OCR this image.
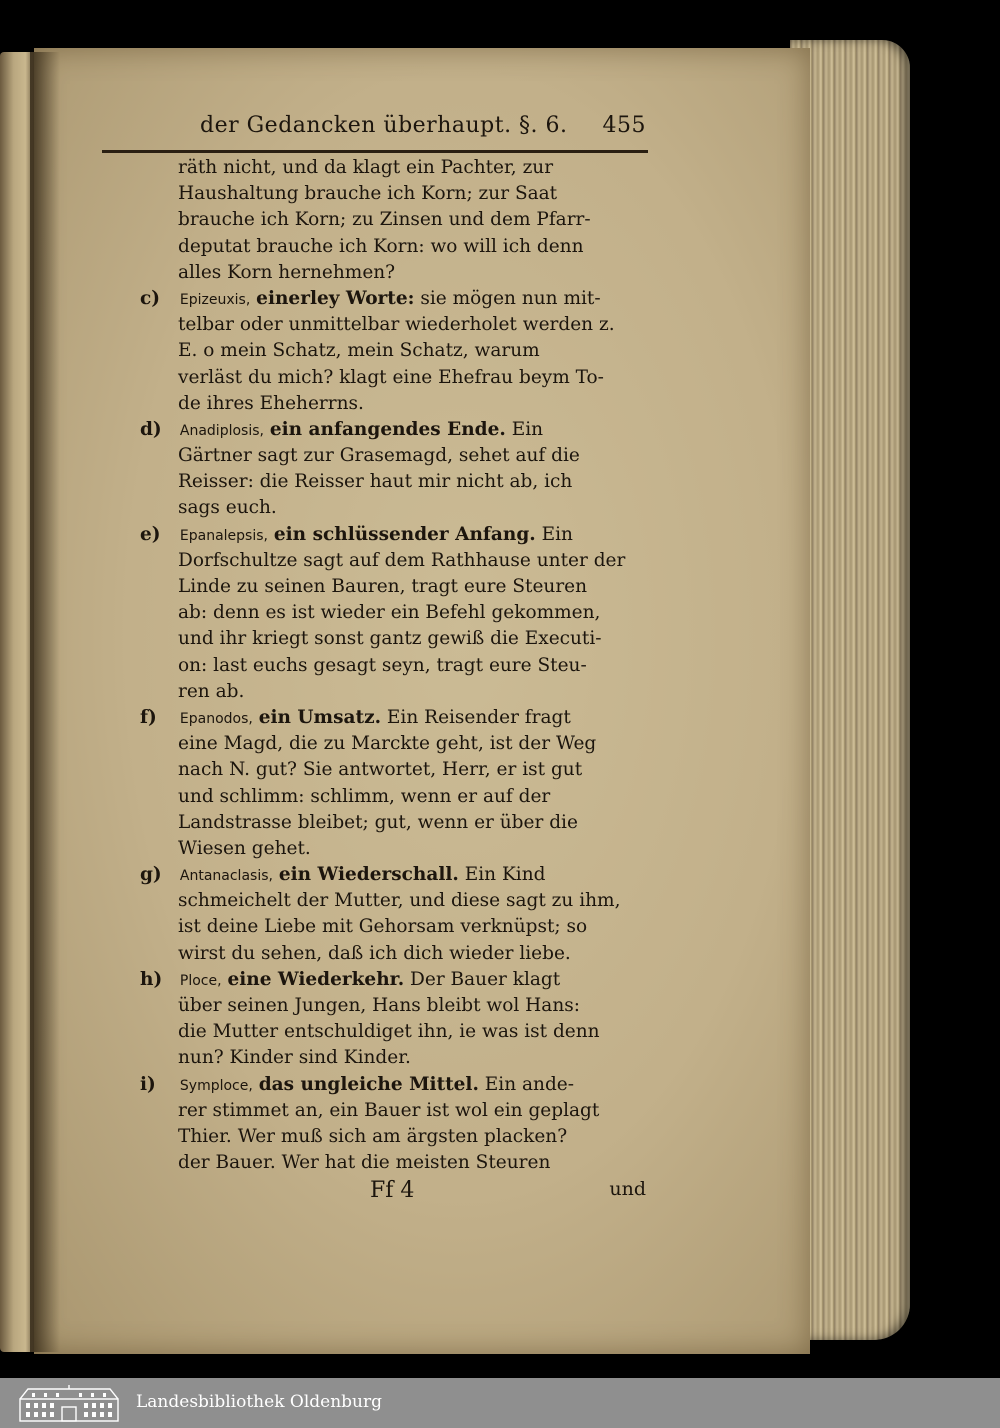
der Gedancken überhaupt. §. 6. 455
räth nicht, und da klagt ein Pachter, zur
Haushaltung brauche ich Korn; zur Saat
brauche ich Korn; zu Zinsen und dem Pfarr-
deputat brauche ich Korn: wo will ich denn
alles Korn hernehmen?
c) Epizeuxis, einerley Worte: sie mögen nun mit-
telbar oder unmittelbar wiederholet werden z.
E. o mein Schatz, mein Schatz, warum
verläst du mich? klagt eine Ehefrau beym To-
de ihres Eheherrns.
d) Anadiplosis, ein anfangendes Ende. Ein
Gärtner sagt zur Grasemagd, sehet auf die
Reisser: die Reisser haut mir nicht ab, ich
sags euch.
e) Epanalepsis, ein schlüssender Anfang. Ein
Dorfschultze sagt auf dem Rathhause unter der
Linde zu seinen Bauren, tragt eure Steuren
ab: denn es ist wieder ein Befehl gekommen,
und ihr kriegt sonst gantz gewiß die Executi-
on: last euchs gesagt seyn, tragt eure Steu-
ren ab.
f) Epanodos, ein Umsatz. Ein Reisender fragt
eine Magd, die zu Marckte geht, ist der Weg
nach N. gut? Sie antwortet, Herr, er ist gut
und schlimm: schlimm, wenn er auf der
Landstrasse bleibet; gut, wenn er über die
Wiesen gehet.
g) Antanaclasis, ein Wiederschall. Ein Kind
schmeichelt der Mutter, und diese sagt zu ihm,
ist deine Liebe mit Gehorsam verknüpst; so
wirst du sehen, daß ich dich wieder liebe.
h) Ploce, eine Wiederkehr. Der Bauer klagt
über seinen Jungen, Hans bleibt wol Hans:
die Mutter entschuldiget ihn, ie was ist denn
nun? Kinder sind Kinder.
i) Symploce, das ungleiche Mittel. Ein ande-
rer stimmet an, ein Bauer ist wol ein geplagt
Thier. Wer muß sich am ärgsten placken?
der Bauer. Wer hat die meisten Steuren
Ff 4	und
Landesbibliothek Oldenburg
